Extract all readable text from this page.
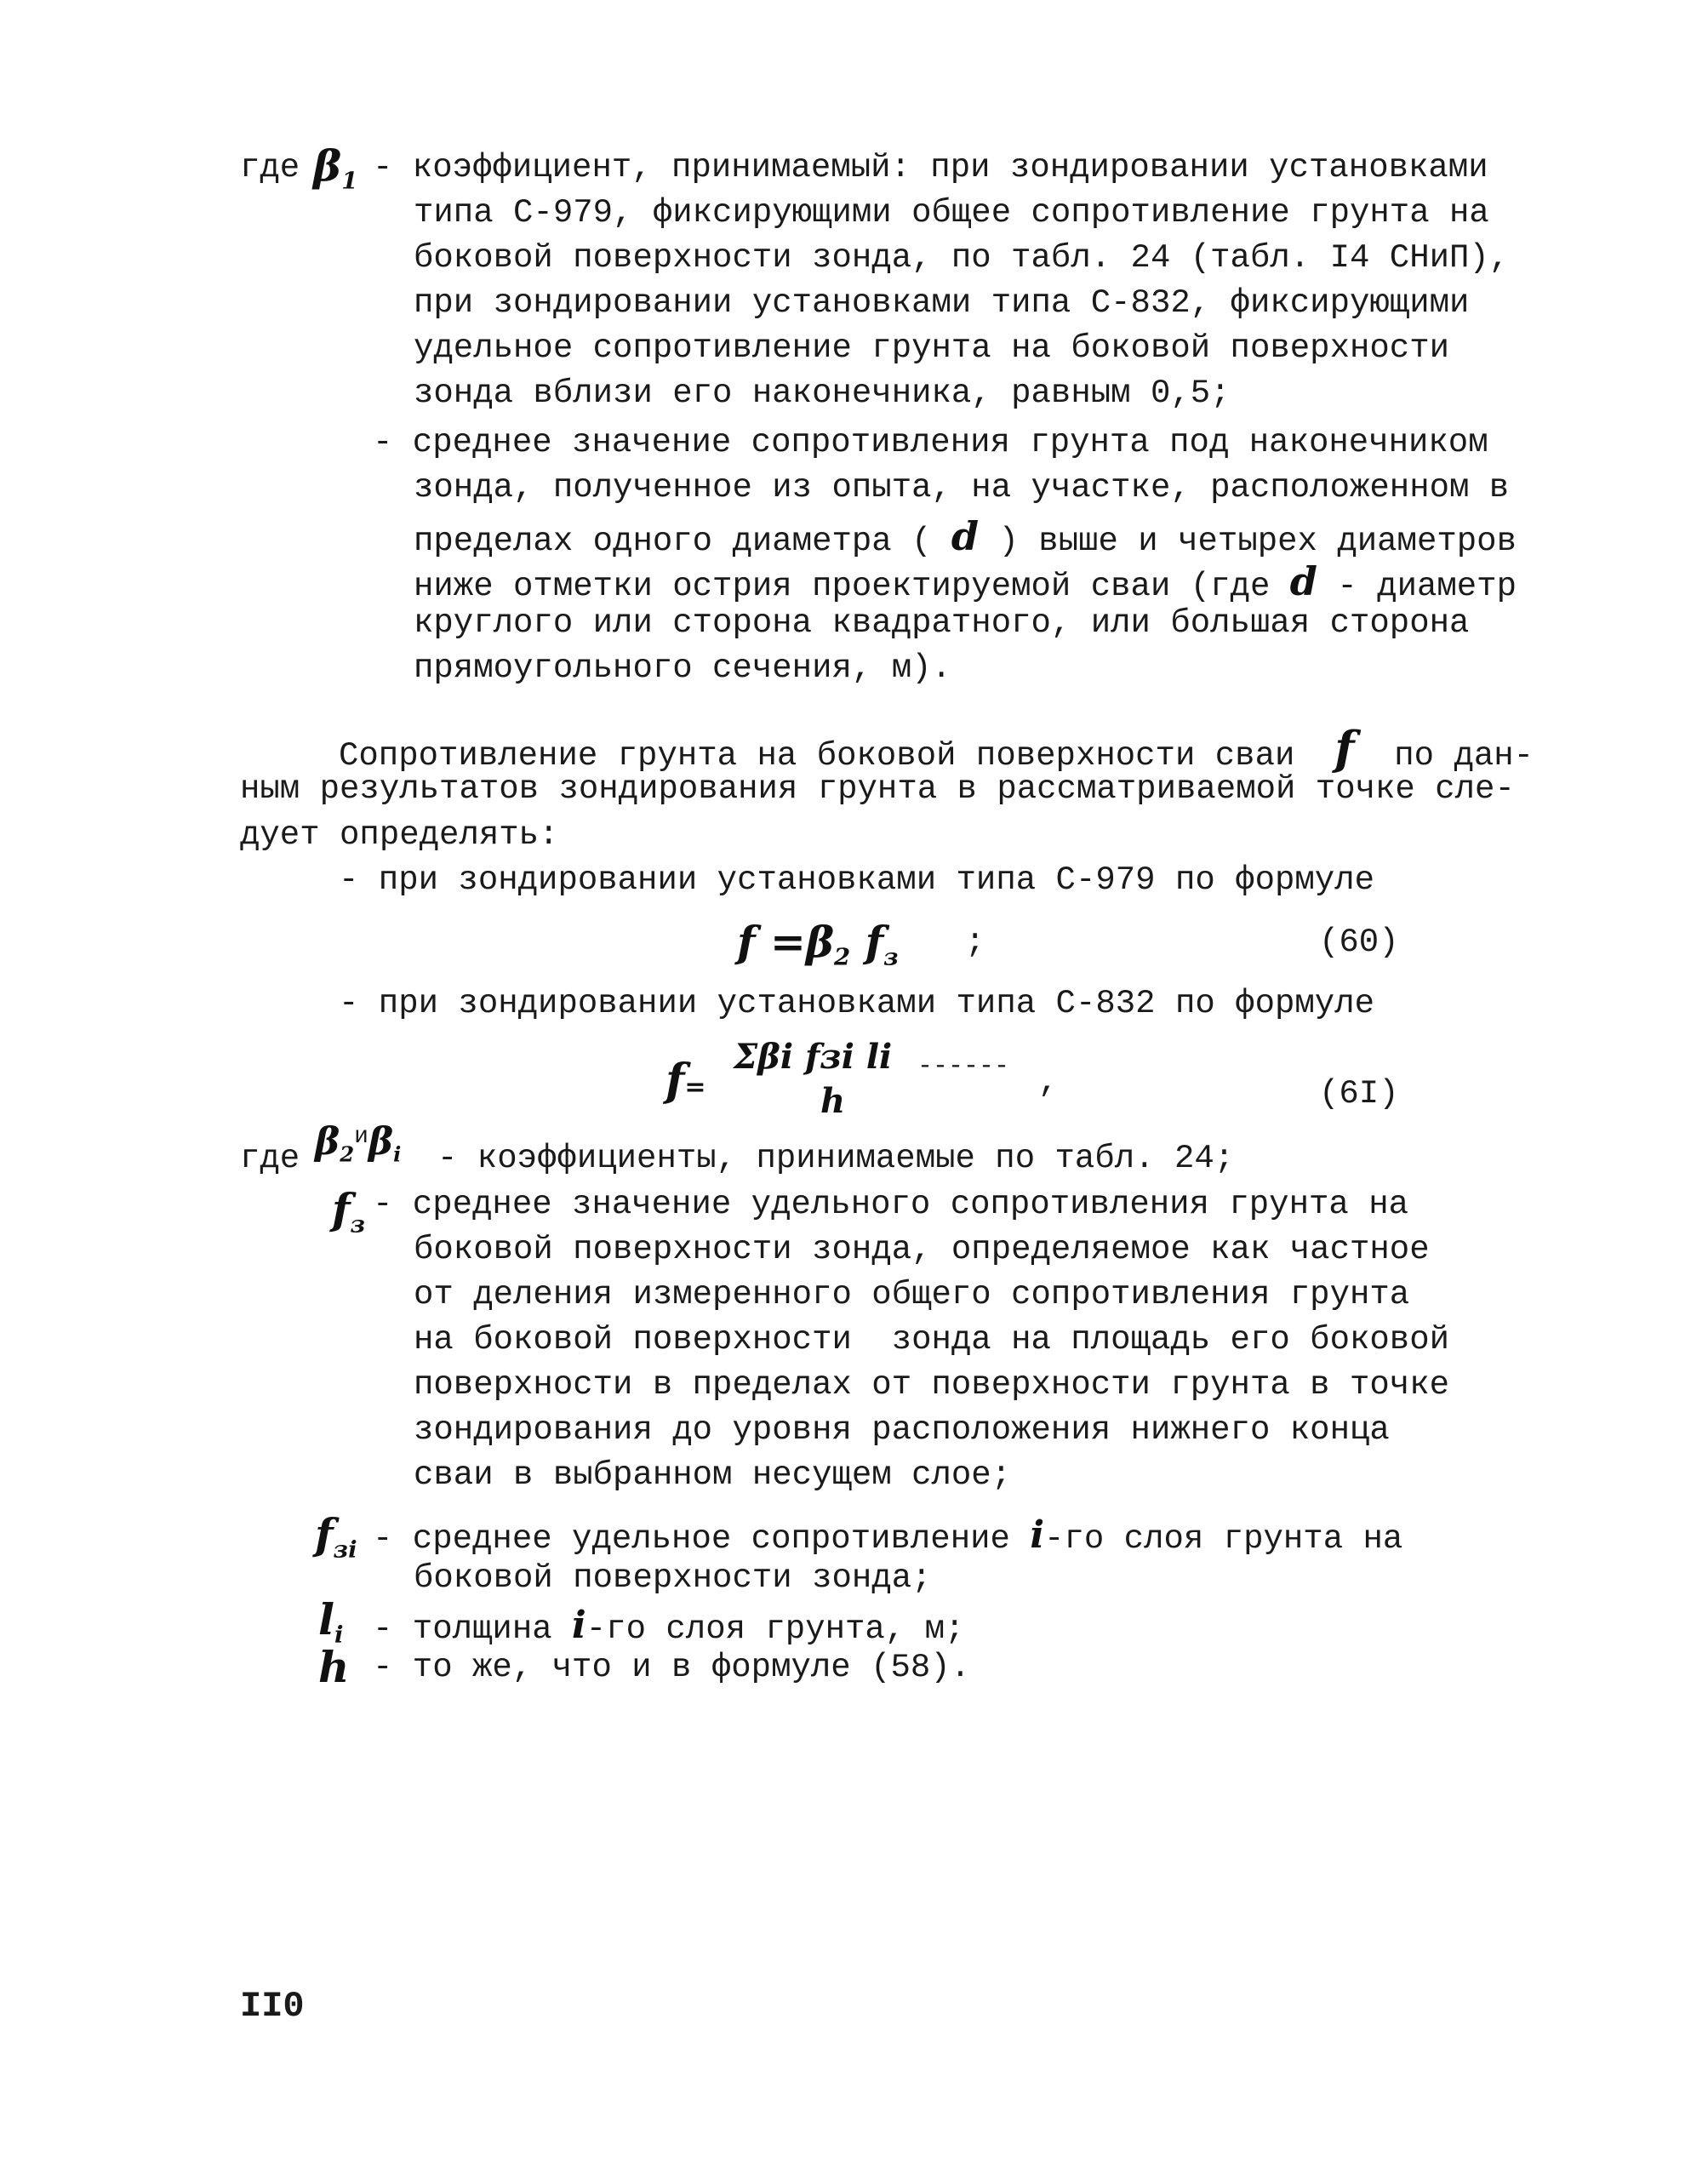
где $\beta_1$ - коэффициент, принимаемый: при зондировании установками
типа С-979, фиксирующими общее сопротивление грунта на
боковой поверхности зонда, по табл. 24 (табл. I4 СНиП),
при зондировании установками типа С-832, фиксирующими
удельное сопротивление грунта на боковой поверхности
зонда вблизи его наконечника, равным 0,5;
- среднее значение сопротивления грунта под наконечником
зонда, полученное из опыта, на участке, расположенном в
пределах одного диаметра ( d ) выше и четырех диаметров
ниже отметки острия проектируемой сваи (где d - диаметр
круглого или сторона квадратного, или большая сторона
прямоугольного сечения, м).
Сопротивление грунта на боковой поверхности сваи f по дан-
ным результатов зондирования грунта в рассматриваемой точке сле-
дует определять:
- при зондировании установками типа С-979 по формуле
$f =\beta_2$ $f_з$ ;	(60)
- при зондировании установками типа С-832 по формуле
f=
Σβi fзi li ------
h	,	(6I)
где $\beta_2^и\beta_i$ - коэффициенты, принимаемые по табл. 24;
$f_з$
- среднее значение удельного сопротивления грунта на
боковой поверхности зонда, определяемое как частное
от деления измеренного общего сопротивления грунта
на боковой поверхности  зонда на площадь его боковой
поверхности в пределах от поверхности грунта в точке
зондирования до уровня расположения нижнего конца
сваи в выбранном несущем слое;
$f_{зi}$ - среднее удельное сопротивление i-го слоя грунта на
боковой поверхности зонда;
$l_i$ - толщина i-го слоя грунта, м;
h - то же, что и в формуле (58).
II0
